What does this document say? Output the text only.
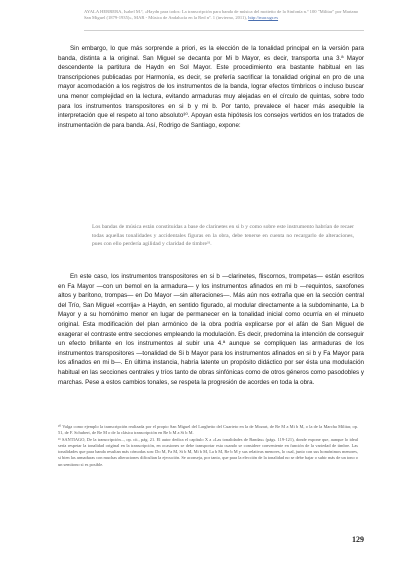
AYALA HERRERA, Isabel M.ª, «Haydn para todos: La transcripción para banda de música del mottetto de la Sinfonía n.º 100 "Militar" por Mariano San Miguel (1879-1935)», MAR - Música de Andalucía en la Red nº. 1 (invierno, 2011), http://mar.ugr.es

Sin embargo, lo que más sorprende a priori, es la elección de la tonalidad principal en la versión para banda, distinta a la original. San Miguel se decanta por Mi b Mayor, es decir, transporta una 3.ª Mayor descendente la partitura de Haydn en Sol Mayor. Este procedimiento era bastante habitual en las transcripciones publicadas por Harmonía, es decir, se prefería sacrificar la tonalidad original en pro de una mayor acomodación a los registros de los instrumentos de la banda, lograr efectos tímbricos o incluso buscar una menor complejidad en la lectura, evitando armaduras muy alejadas en el círculo de quintas, sobre todo para los instrumentos transpositores en si b y mi b. Por tanto, prevalece el hacer más asequible la interpretación que el respeto al tono absoluto³⁰. Apoyan esta hipótesis los consejos vertidos en los tratados de instrumentación de para banda. Así, Rodrigo de Santiago, expone:

Los bandas de música están constituidas a base de clarinetes en si b y como sobre este instrumento habrían de recaer todas aquellas tonalidades y accidentales figuras en la obra, debe tenerse en cuenta no recargarlo de alteraciones, pues con ello perdería agilidad y claridad de timbre³¹.

En este caso, los instrumentos transpositores en si b —clarinetes, fliscornos, trompetas— están escritos en Fa Mayor —con un bemol en la armadura— y los instrumentos afinados en mi b —requintos, saxofones altos y barítono, trompas— en Do Mayor —sin alteraciones—. Más aún nos extraña que en la sección central del Trío, San Miguel «corrija» a Haydn, en sentido figurado, al modular directamente a la subdominante, La b Mayor y a su homónimo menor en lugar de permanecer en la tonalidad inicial como ocurría en el minueto original. Esta modificación del plan armónico de la obra podría explicarse por el afán de San Miguel de exagerar el contraste entre secciones empleando la modulación. Es decir, predomina la intención de conseguir un efecto brillante en los instrumentos al subir una 4.ª aunque se compliquen las armaduras de los instrumentos transpositores —tonalidad de Si b Mayor para los instrumentos afinados en si b y Fa Mayor para los afinados en mi b—. En última instancia, habría latente un propósito didáctico por ser ésta una modulación habitual en las secciones centrales y tríos tanto de obras sinfónicas como de otros géneros como pasodobles y marchas. Pese a estos cambios tonales, se respeta la progresión de acordes en toda la obra.

³⁰ Valga como ejemplo la transcripción realizada por el propio San Miguel del Larghetto del Cuarteto en la de Mozart, de Re M a Mi b M, o la de la Marcha Militar, op. 51, de F. Schubert, de Re M o de la clásica transcripción en Re b M a Si b M.

³¹ SANTIAGO, De la transcripción..., op. cit., pág. 21. El autor dedica el capítulo X a «Las tonalidades de Bandas» (págs. 119-121), donde expone que, aunque lo ideal sería respetar la tonalidad original en la transcripción, en ocasiones se debe transportar esta cuando se considere conveniente en función de la variedad de timbre. Las tonalidades que para banda resultan más cómodas son: Do M, Fa M, Si b M, Mi b M, La b M, Re b M y sus relativas menores, lo cual, junto con sus homónimos menores, si bien las armaduras con muchas alteraciones dificultan la ejecución. Se aconseja, por tanto, que para la elección de la tonalidad no se debe bajar o subir más de un tono o un semitono si es posible.

129
